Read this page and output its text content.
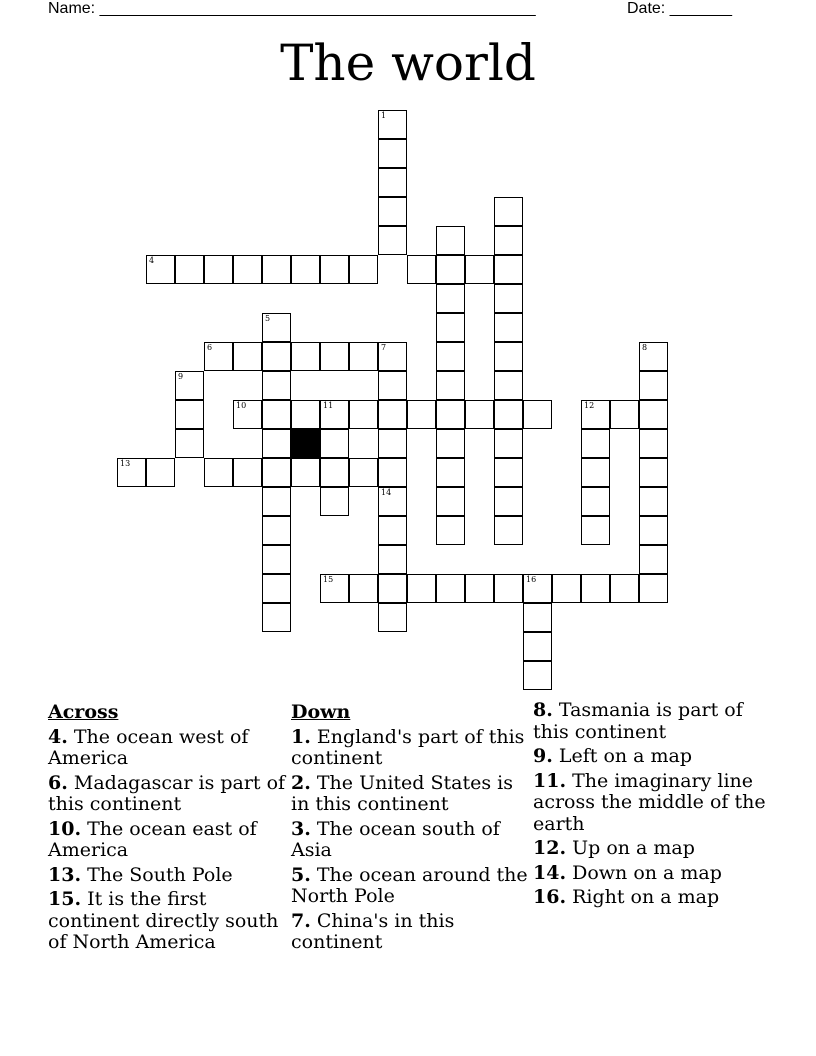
Name: _________________________________________________	Date: _______
The world
1
4
5
6	7
14
8
9
10	11	12
13
15	16
Across
4. The ocean west of America
6. Madagascar is part of this continent
10. The ocean east of America
13. The South Pole
15. It is the first continent directly south of North America
Down
1. England's part of this continent
2. The United States is in this continent
3. The ocean south of Asia
5. The ocean around the North Pole
7. China's in this continent
8. Tasmania is part of this continent
9. Left on a map
11. The imaginary line across the middle of the earth
12. Up on a map
14. Down on a map
16. Right on a map
